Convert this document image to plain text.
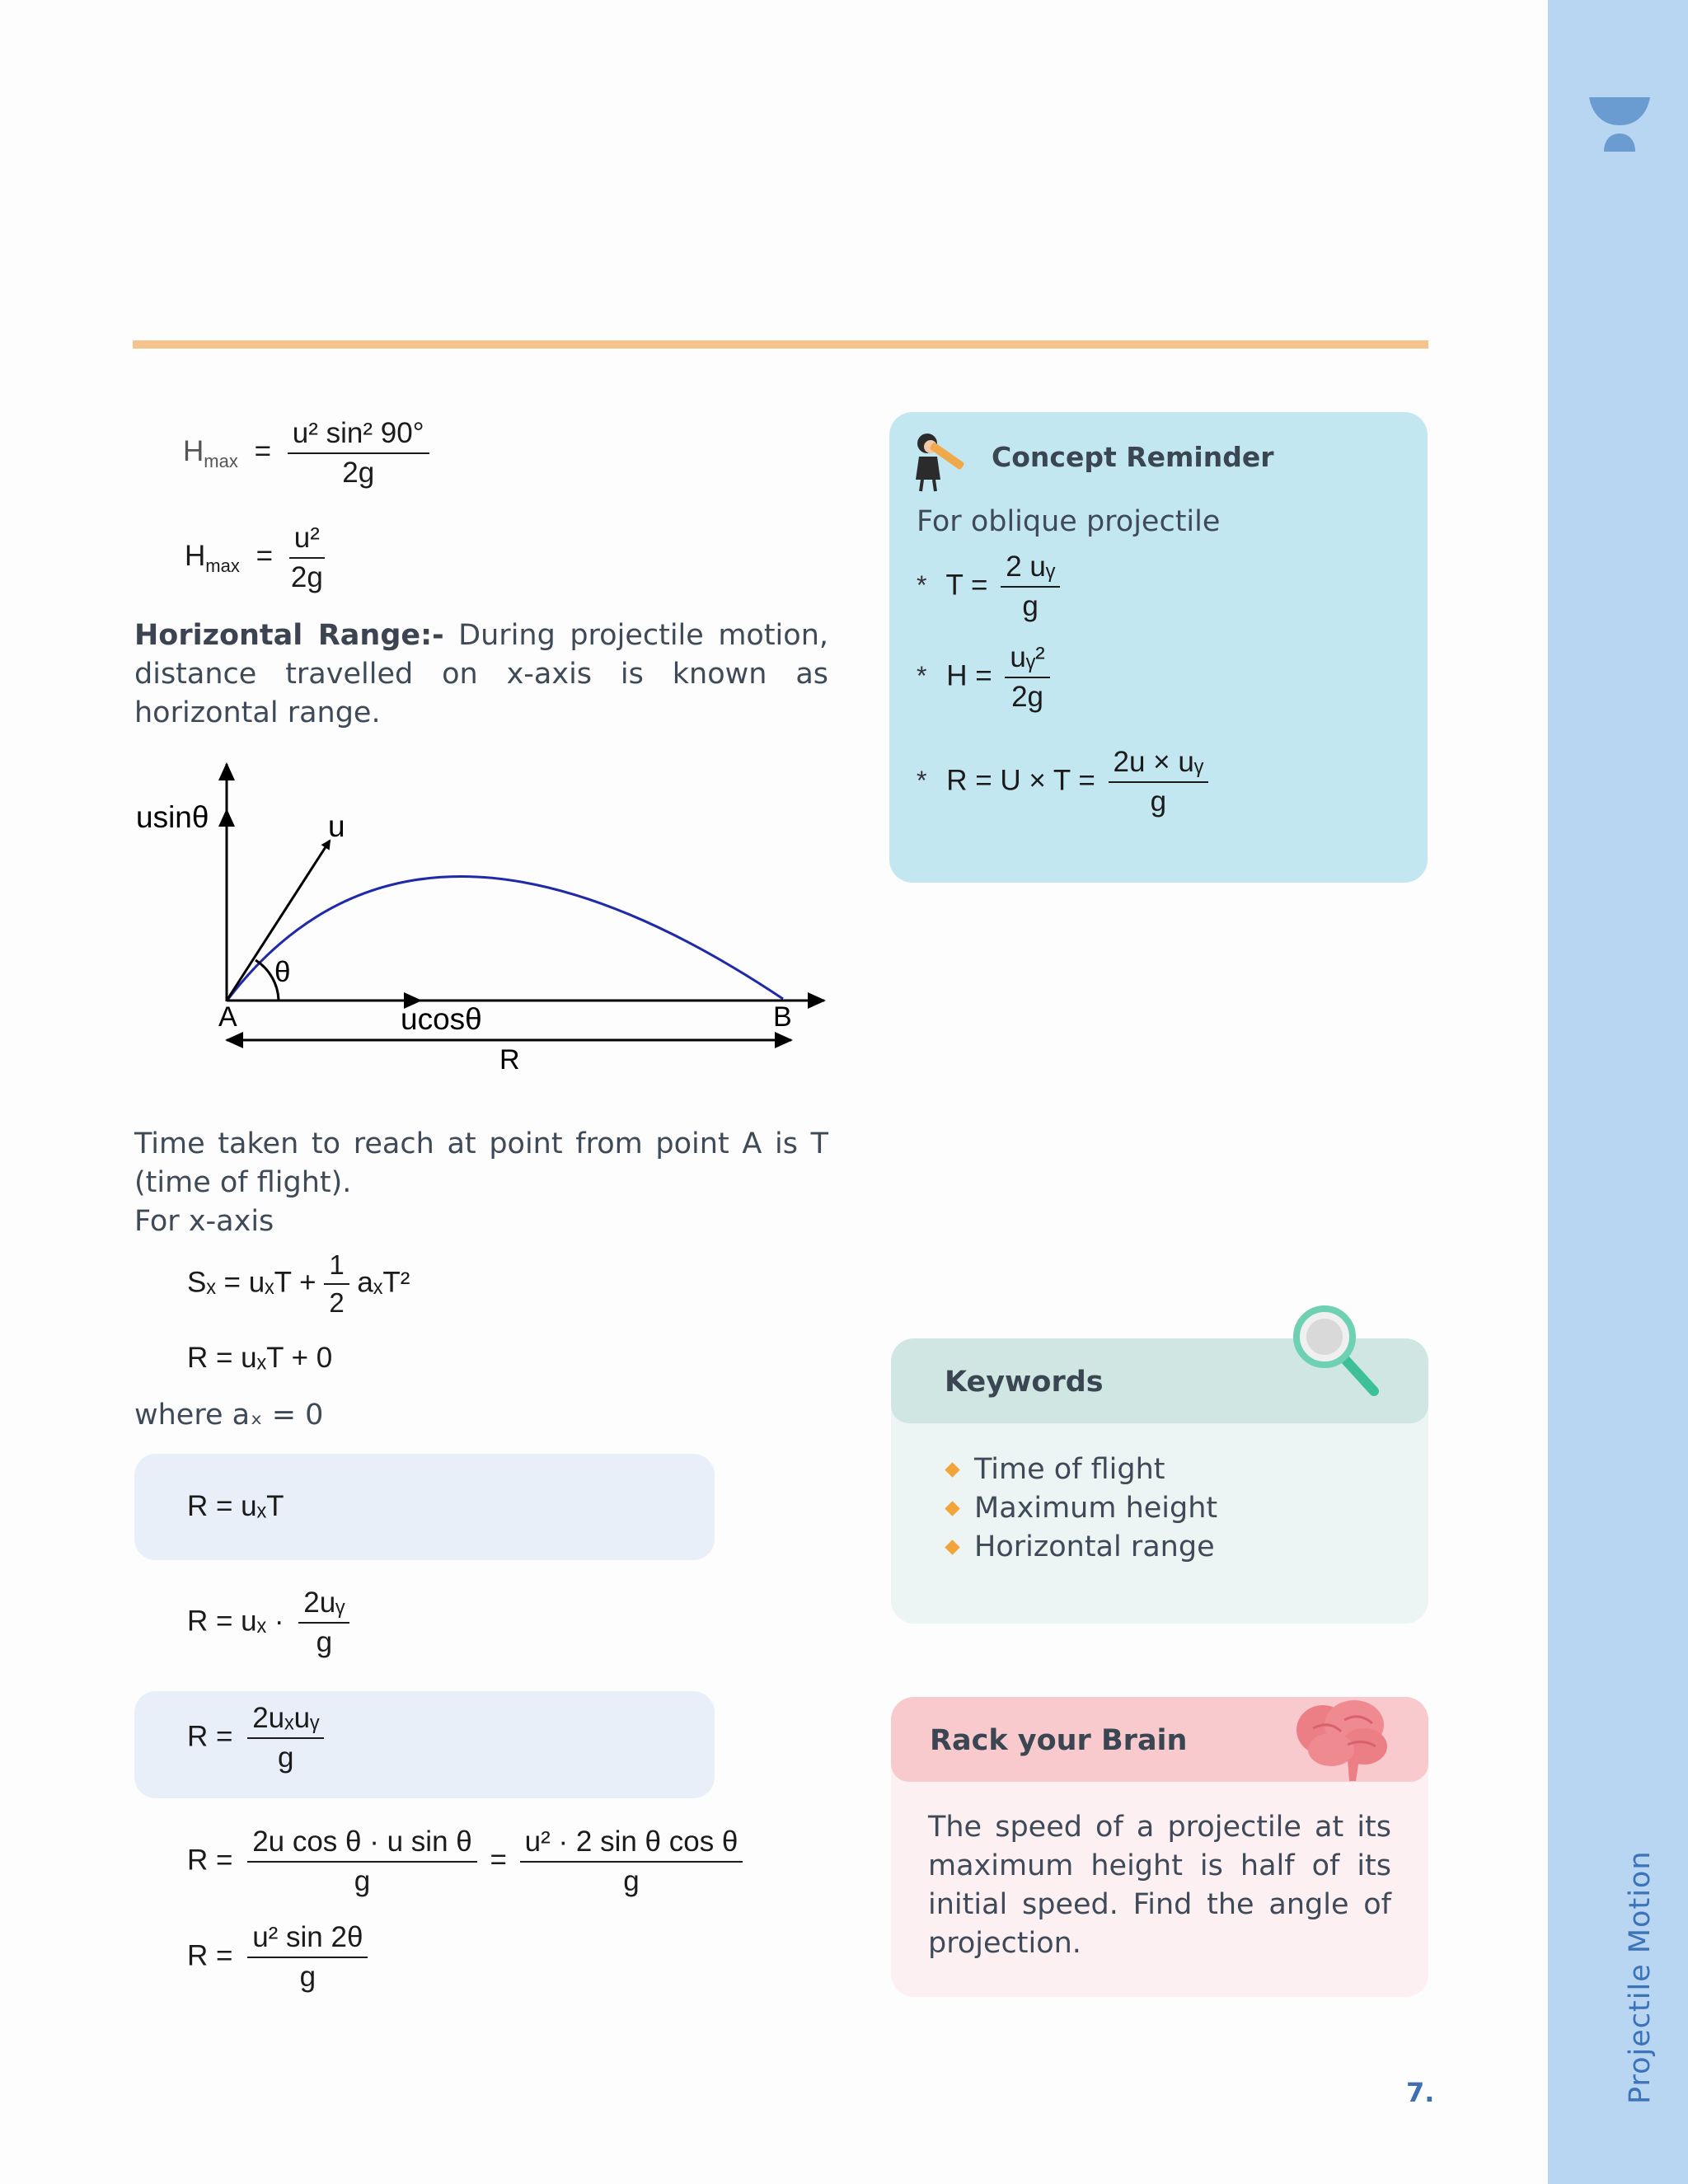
Projectile Motion
$H_{max} = \frac{\text{u² sin² 90°}}{2g}$
$H_{max} = \frac{\text{u²}}{2g}$
Horizontal Range:- During projectile motion, distance travelled on x-axis is known as horizontal range.
usinθ	u
θ
A	B
ucosθ
R
Time taken to reach at point from point A is T (time of flight).
For x-axis
$S_x = u_xT + \frac{1}{2} a_xT^2$
R = uₓT + 0
where aₓ = 0
R = uₓT
$R = u_x \cdot \frac{\text{2uᵧ}}{g}$
$R = \frac{\text{2uₓuᵧ}}{g}$
$R = \frac{\text{2u cos θ · u sin θ}}{g} = \frac{\text{u² · 2 sin θ cos θ}}{g}$
$R = \frac{\text{u² sin 2θ}}{g}$
Concept Reminder
For oblique projectile
* $T = \frac{\text{2 uᵧ}}{g}$
* $H = \frac{\text{uᵧ²}}{2g}$
* $R = U \times T = \frac{\text{2u × uᵧ}}{g}$
Keywords
Time of flight
Maximum height
Horizontal range
Rack your Brain
The speed of a projectile at its maximum height is half of its initial speed. Find the angle of projection.
7.
